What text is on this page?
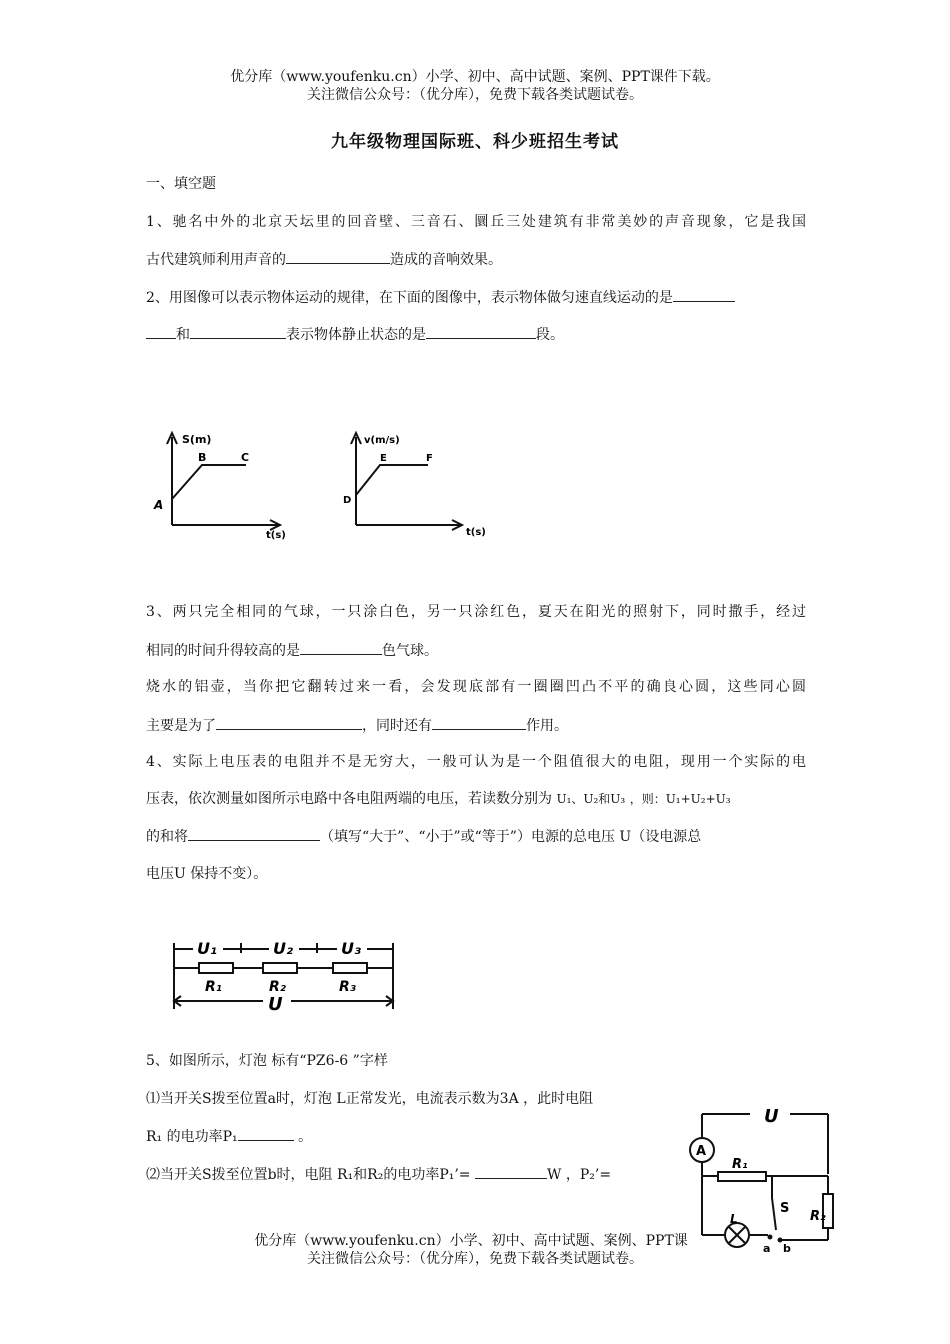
优分库（www.youfenku.cn）小学、初中、高中试题、案例、PPT课件下载。
关注微信公众号：（优分库），免费下载各类试题试卷。
九年级物理国际班、科少班招生考试
一、填空题
1、驰名中外的北京天坛里的回音壁、三音石、圜丘三处建筑有非常美妙的声音现象，它是我国
古代建筑师利用声音的	造成的音响效果。
2、用图像可以表示物体运动的规律，在下面的图像中，表示物体做匀速直线运动的是
和	表示物体静止状态的是	段。
S(m)
t(s)
A
B	C
v(m/s)
t(s)
D
E	F
3、两只完全相同的气球，一只涂白色，另一只涂红色，夏天在阳光的照射下，同时撒手，经过
相同的时间升得较高的是	色气球。
烧水的铝壶，当你把它翻转过来一看，会发现底部有一圈圈凹凸不平的确良心圆，这些同心圆
主要是为了	，同时还有	作用。
4、实际上电压表的电阻并不是无穷大，一般可认为是一个阻值很大的电阻，现用一个实际的电
压表，依次测量如图所示电路中各电阻两端的电压，若读数分别为 U₁、U₂和U₃ ，则：U₁+U₂+U₃
的和将	（填写“大于”、“小于”或“等于”）电源的总电压 U（设电源总
电压U 保持不变）。
U₁	U₂	U₃
R₁	R₂	R₃
U
5、如图所示，灯泡 标有“PZ6-6 ”字样
⑴当开关S拨至位置a时，灯泡 L正常发光，电流表示数为3A ，此时电阻
R₁ 的电功率P₁	。
⑵当开关S拨至位置b时，电阻 R₁和R₂的电功率P₁’=	W ，P₂’=
U
A
R₁
R₂
S
L
a b
优分库（www.youfenku.cn）小学、初中、高中试题、案例、PPT课
关注微信公众号：（优分库），免费下载各类试题试卷。
